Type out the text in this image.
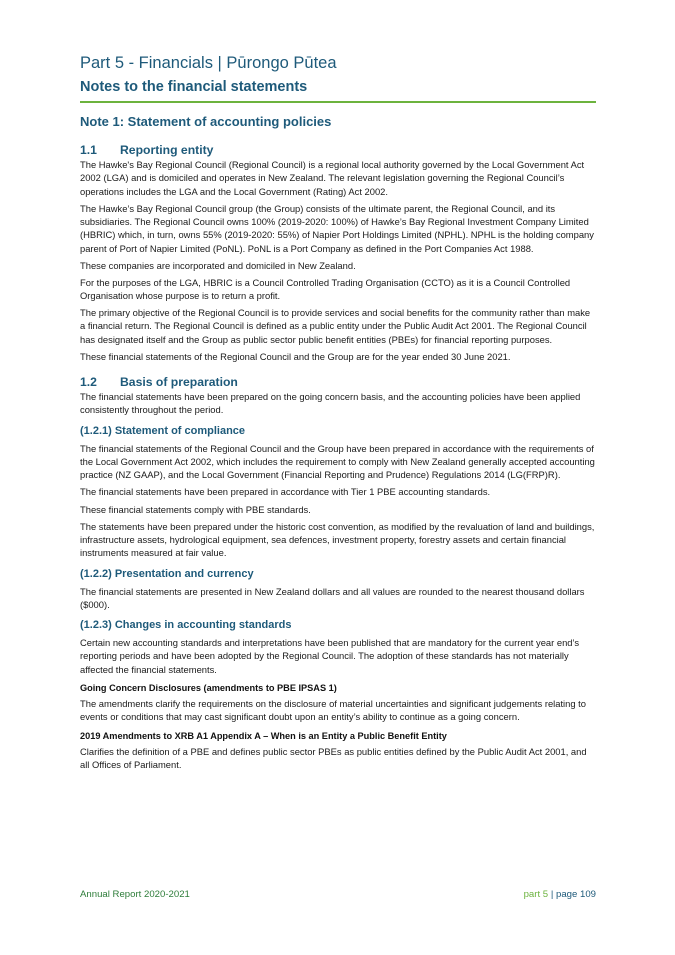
Part 5 - Financials | Pūrongo Pūtea
Notes to the financial statements
Note 1: Statement of accounting policies
1.1 Reporting entity

The Hawke's Bay Regional Council (Regional Council) is a regional local authority governed by the Local Government Act 2002 (LGA) and is domiciled and operates in New Zealand. The relevant legislation governing the Regional Council’s operations includes the LGA and the Local Government (Rating) Act 2002.

The Hawke’s Bay Regional Council group (the Group) consists of the ultimate parent, the Regional Council, and its subsidiaries. The Regional Council owns 100% (2019-2020: 100%) of Hawke’s Bay Regional Investment Company Limited (HBRIC) which, in turn, owns 55% (2019-2020: 55%) of Napier Port Holdings Limited (NPHL). NPHL is the holding company parent of Port of Napier Limited (PoNL). PoNL is a Port Company as defined in the Port Companies Act 1988.

These companies are incorporated and domiciled in New Zealand.

For the purposes of the LGA, HBRIC is a Council Controlled Trading Organisation (CCTO) as it is a Council Controlled Organisation whose purpose is to return a profit.

The primary objective of the Regional Council is to provide services and social benefits for the community rather than make a financial return. The Regional Council is defined as a public entity under the Public Audit Act 2001. The Regional Council has designated itself and the Group as public sector public benefit entities (PBEs) for financial reporting purposes.

These financial statements of the Regional Council and the Group are for the year ended 30 June 2021.

1.2 Basis of preparation

The financial statements have been prepared on the going concern basis, and the accounting policies have been applied consistently throughout the period.

(1.2.1) Statement of compliance

The financial statements of the Regional Council and the Group have been prepared in accordance with the requirements of the Local Government Act 2002, which includes the requirement to comply with New Zealand generally accepted accounting practice (NZ GAAP), and the Local Government (Financial Reporting and Prudence) Regulations 2014 (LG(FRP)R).

The financial statements have been prepared in accordance with Tier 1 PBE accounting standards.

These financial statements comply with PBE standards.

The statements have been prepared under the historic cost convention, as modified by the revaluation of land and buildings, infrastructure assets, hydrological equipment, sea defences, investment property, forestry assets and certain financial instruments measured at fair value.

(1.2.2) Presentation and currency

The financial statements are presented in New Zealand dollars and all values are rounded to the nearest thousand dollars ($000).

(1.2.3) Changes in accounting standards

Certain new accounting standards and interpretations have been published that are mandatory for the current year end’s reporting periods and have been adopted by the Regional Council. The adoption of these standards has not materially affected the financial statements.

Going Concern Disclosures (amendments to PBE IPSAS 1)

The amendments clarify the requirements on the disclosure of material uncertainties and significant judgements relating to events or conditions that may cast significant doubt upon an entity’s ability to continue as a going concern.

2019 Amendments to XRB A1 Appendix A – When is an Entity a Public Benefit Entity

Clarifies the definition of a PBE and defines public sector PBEs as public entities defined by the Public Audit Act 2001, and all Offices of Parliament.

Annual Report 2020-2021	part 5 | page 109
